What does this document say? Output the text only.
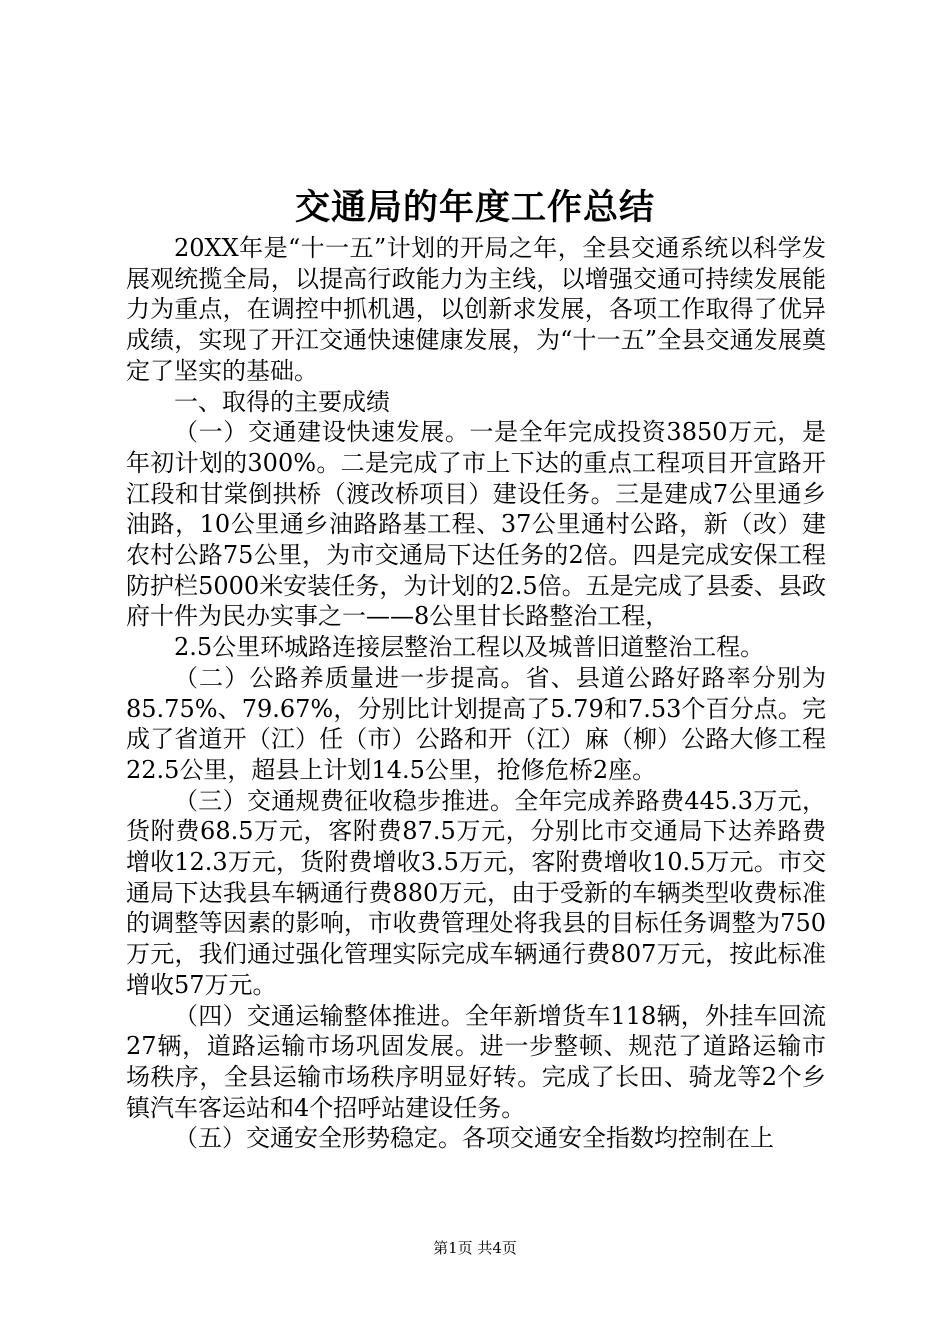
交通局的年度工作总结

20XX年是“十一五”计划的开局之年，全县交通系统以科学发展观统揽全局，以提高行政能力为主线，以增强交通可持续发展能力为重点，在调控中抓机遇，以创新求发展，各项工作取得了优异成绩，实现了开江交通快速健康发展，为“十一五”全县交通发展奠定了坚实的基础。

一、取得的主要成绩

（一）交通建设快速发展。一是全年完成投资3850万元，是年初计划的300%。二是完成了市上下达的重点工程项目开宣路开江段和甘棠倒拱桥（渡改桥项目）建设任务。三是建成7公里通乡油路，10公里通乡油路路基工程、37公里通村公路，新（改）建农村公路75公里，为市交通局下达任务的2倍。四是完成安保工程防护栏5000米安装任务，为计划的2.5倍。五是完成了县委、县政府十件为民办实事之一——8公里甘长路整治工程，

2.5公里环城路连接层整治工程以及城普旧道整治工程。

（二）公路养质量进一步提高。省、县道公路好路率分别为85.75%、79.67%，分别比计划提高了5.79和7.53个百分点。完成了省道开（江）任（市）公路和开（江）麻（柳）公路大修工程22.5公里，超县上计划14.5公里，抢修危桥2座。

（三）交通规费征收稳步推进。全年完成养路费445.3万元，货附费68.5万元，客附费87.5万元，分别比市交通局下达养路费增收12.3万元，货附费增收3.5万元，客附费增收10.5万元。市交通局下达我县车辆通行费880万元，由于受新的车辆类型收费标准的调整等因素的影响，市收费管理处将我县的目标任务调整为750万元，我们通过强化管理实际完成车辆通行费807万元，按此标准增收57万元。

（四）交通运输整体推进。全年新增货车118辆，外挂车回流27辆，道路运输市场巩固发展。进一步整顿、规范了道路运输市场秩序，全县运输市场秩序明显好转。完成了长田、骑龙等2个乡镇汽车客运站和4个招呼站建设任务。

（五）交通安全形势稳定。各项交通安全指数均控制在上

第1页 共4页
